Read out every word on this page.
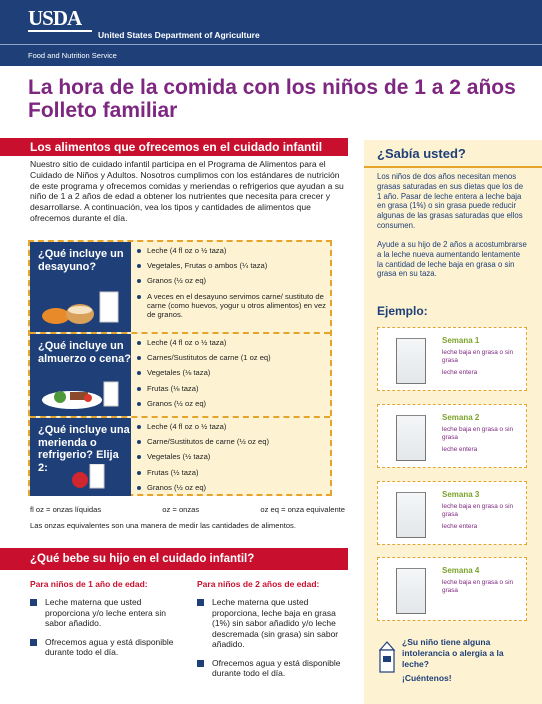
USDA
United States Department of Agriculture
Food and Nutrition Service
La hora de la comida con los niños de 1 a 2 años Folleto familiar
Los alimentos que ofrecemos en el cuidado infantil
Nuestro sitio de cuidado infantil participa en el Programa de Alimentos para el Cuidado de Niños y Adultos. Nosotros cumplimos con los estándares de nutrición de este programa y ofrecemos comidas y meriendas o refrigerios que ayudan a su niño de 1 a 2 años de edad a obtener los nutrientes que necesita para crecer y desarrollarse. A continuación, vea los tipos y cantidades de alimentos que ofrecemos durante el día.
¿Qué incluye un desayuno?
Leche (4 fl oz o ½ taza)
Vegetales, Frutas o ambos (¼ taza)
Granos (½ oz eq)
A veces en el desayuno servimos carne/ sustituto de carne (como huevos, yogur u otros alimentos) en vez de granos.
¿Qué incluye un almuerzo o cena?
Leche (4 fl oz o ½ taza)
Carnes/Sustitutos de carne (1 oz eq)
Vegetales (⅛ taza)
Frutas (⅛ taza)
Granos (½ oz eq)
¿Qué incluye una merienda o refrigerio? Elija 2:
Leche (4 fl oz o ½ taza)
Carne/Sustitutos de carne (½ oz eq)
Vegetales (½ taza)
Frutas (½ taza)
Granos (½ oz eq)
fl oz = onzas líquidas	oz = onzas	oz eq = onza equivalente
Las onzas equivalentes son una manera de medir las cantidades de alimentos.
¿Qué bebe su hijo en el cuidado infantil?
Para niños de 1 año de edad:
Leche materna que usted proporciona y/o leche entera sin sabor añadido.
Ofrecemos agua y está disponible durante todo el día.
Para niños de 2 años de edad:
Leche materna que usted proporciona, leche baja en grasa (1%) sin sabor añadido y/o leche descremada (sin grasa) sin sabor añadido.
Ofrecemos agua y está disponible durante todo el día.
¿Sabía usted?
Los niños de dos años necesitan menos grasas saturadas en sus dietas que los de 1 año. Pasar de leche entera a leche baja en grasa (1%) o sin grasa puede reducir algunas de las grasas saturadas que ellos consumen.
Ayude a su hijo de 2 años a acostumbrarse a la leche nueva aumentando lentamente la cantidad de leche baja en grasa o sin grasa en su taza.
Ejemplo:
Semana 1
leche baja en grasa o sin grasa
leche entera
Semana 2
leche baja en grasa o sin grasa
leche entera
Semana 3
leche baja en grasa o sin grasa
leche entera
Semana 4
leche baja en grasa o sin grasa
¿Su niño tiene alguna intolerancia o alergia a la leche?
¡Cuéntenos!
